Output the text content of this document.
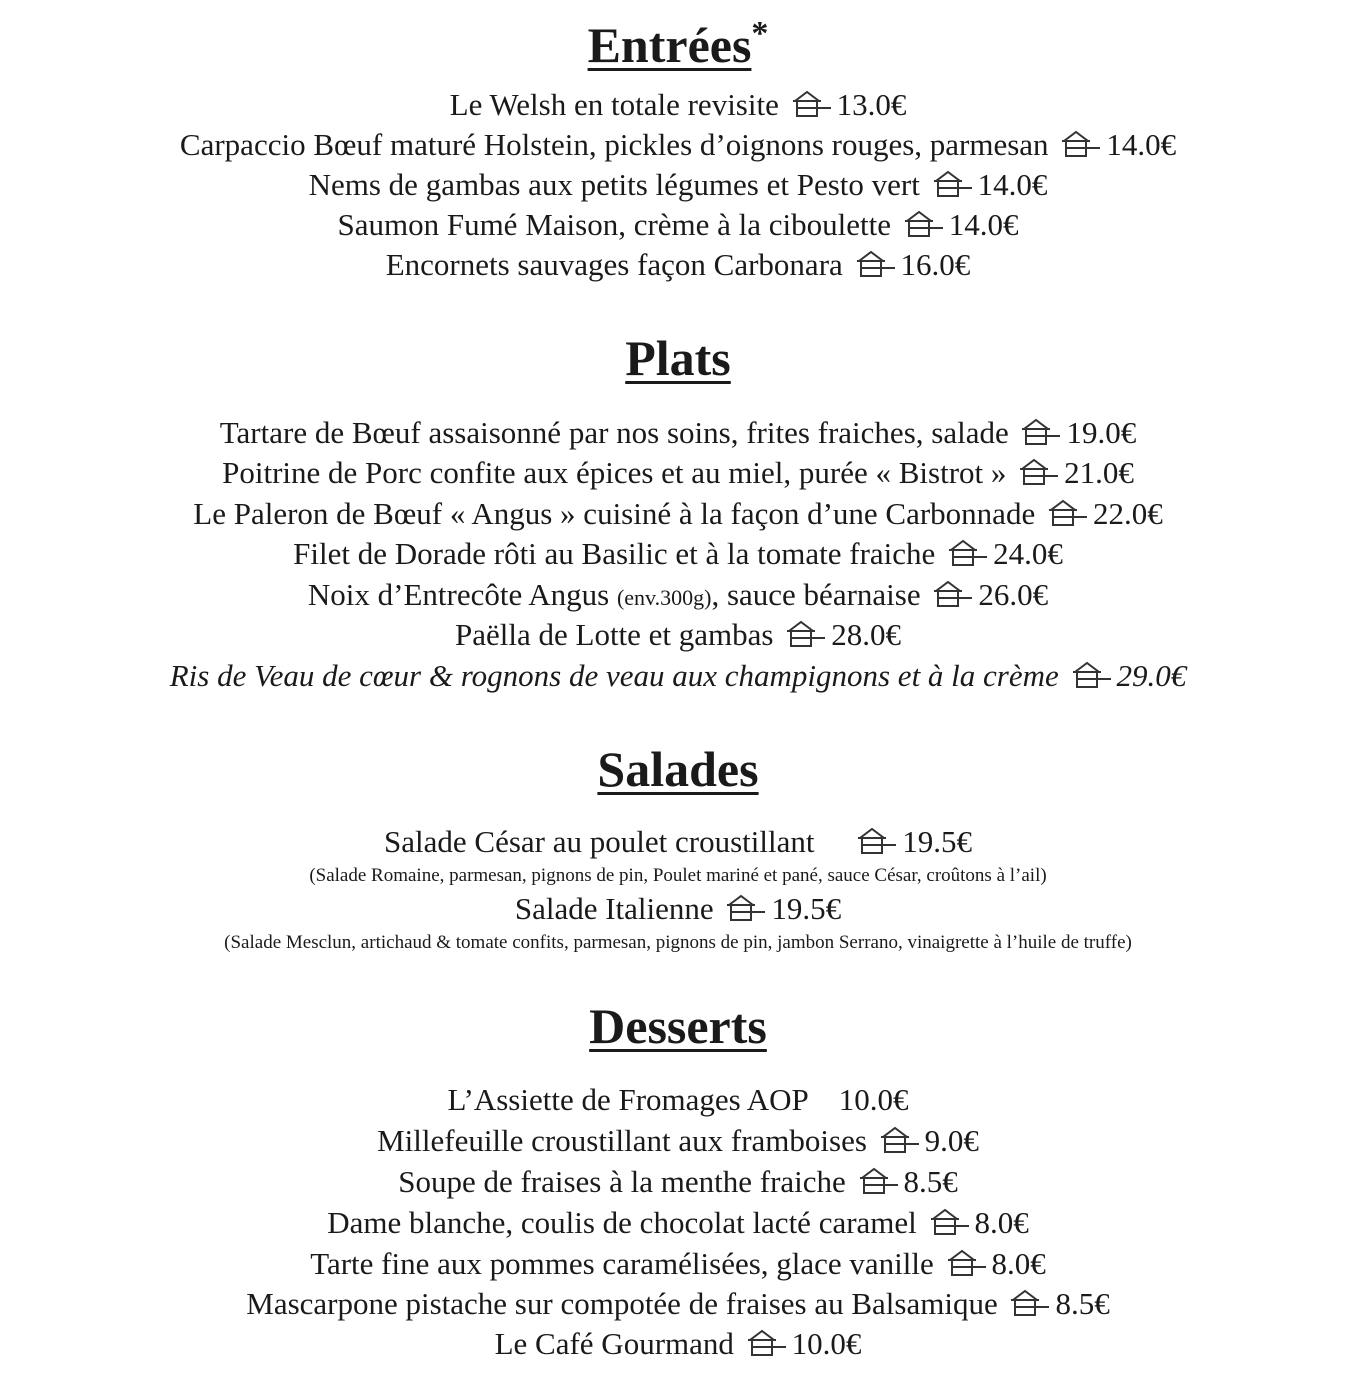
Entrées*
Le Welsh en totale revisite 13.0€
Carpaccio Bœuf maturé Holstein, pickles d’oignons rouges, parmesan 14.0€
Nems de gambas aux petits légumes et Pesto vert 14.0€
Saumon Fumé Maison, crème à la ciboulette 14.0€
Encornets sauvages façon Carbonara 16.0€
Plats
Tartare de Bœuf assaisonné par nos soins, frites fraiches, salade 19.0€
Poitrine de Porc confite aux épices et au miel, purée « Bistrot » 21.0€
Le Paleron de Bœuf « Angus » cuisiné à la façon d’une Carbonnade 22.0€
Filet de Dorade rôti au Basilic et à la tomate fraiche 24.0€
Noix d’Entrecôte Angus (env.300g), sauce béarnaise 26.0€
Paëlla de Lotte et gambas 28.0€
Ris de Veau de cœur & rognons de veau aux champignons et à la crème 29.0€
Salades
Salade César au poulet croustillant	19.5€
(Salade Romaine, parmesan, pignons de pin, Poulet mariné et pané, sauce César, croûtons à l’ail)
Salade Italienne 19.5€
(Salade Mesclun, artichaud & tomate confits, parmesan, pignons de pin, jambon Serrano, vinaigrette à l’huile de truffe)
Desserts
L’Assiette de Fromages AOP 10.0€
Millefeuille croustillant aux framboises 9.0€
Soupe de fraises à la menthe fraiche 8.5€
Dame blanche, coulis de chocolat lacté caramel 8.0€
Tarte fine aux pommes caramélisées, glace vanille 8.0€
Mascarpone pistache sur compotée de fraises au Balsamique 8.5€
Le Café Gourmand 10.0€
